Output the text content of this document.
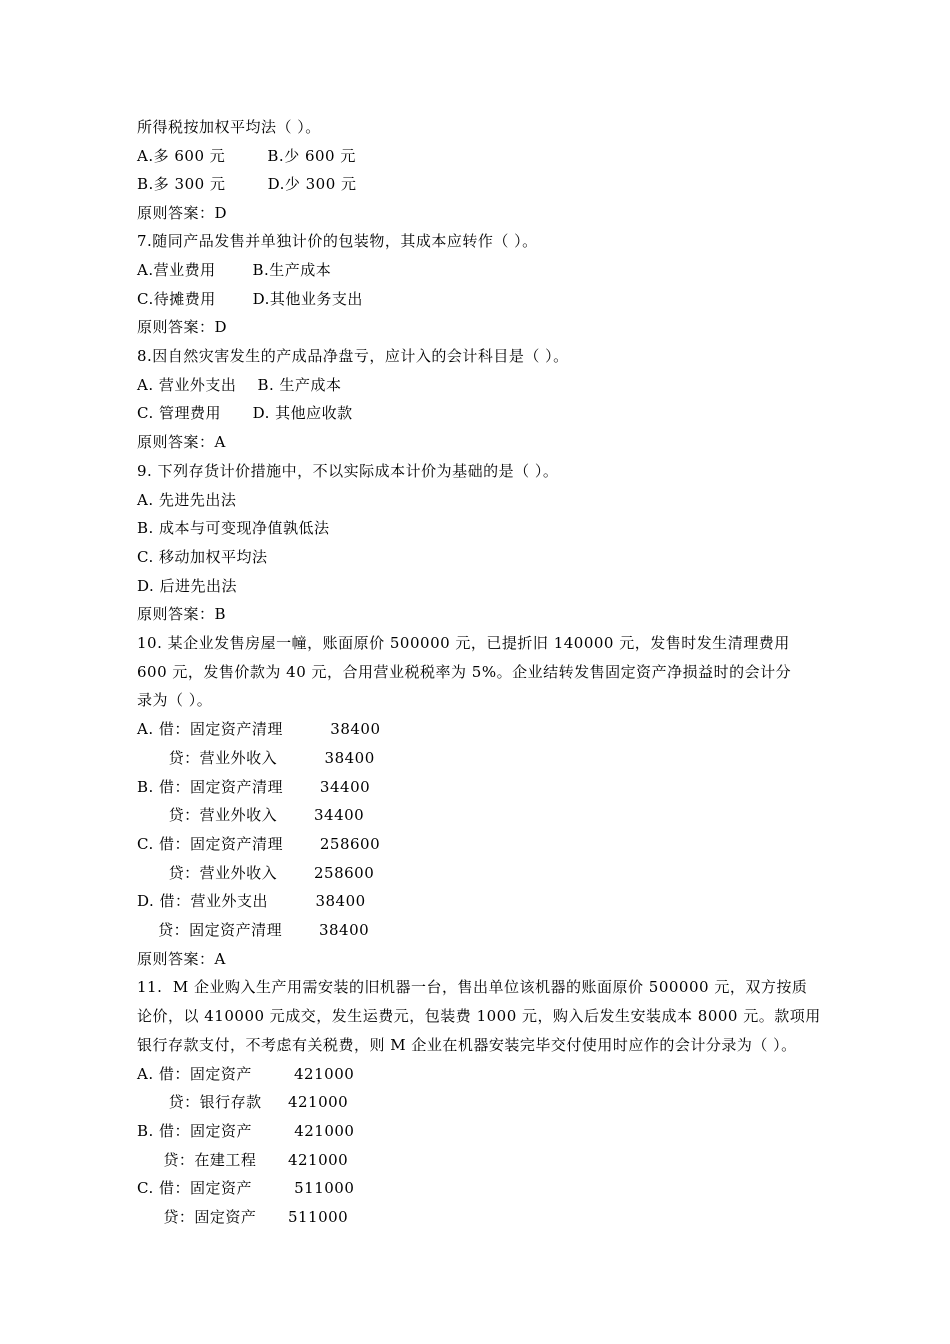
所得税按加权平均法（ ）。

A.多 600 元        B.少 600 元

B.多 300 元        D.少 300 元

原则答案：D

7.随同产品发售并单独计价的包装物，其成本应转作（ ）。

A.营业费用       B.生产成本

C.待摊费用       D.其他业务支出

原则答案：D

8.因自然灾害发生的产成品净盘亏，应计入的会计科目是（ ）。

A. 营业外支出    B. 生产成本

C. 管理费用      D. 其他应收款

原则答案：A

9. 下列存货计价措施中，不以实际成本计价为基础的是（ ）。

A. 先进先出法

B. 成本与可变现净值孰低法

C. 移动加权平均法

D. 后进先出法

原则答案：B

10. 某企业发售房屋一幢，账面原价 500000 元，已提折旧 140000 元，发售时发生清理费用

600 元，发售价款为 40 元，合用营业税税率为 5%。企业结转发售固定资产净损益时的会计分

录为（ ）。

A. 借：固定资产清理         38400

贷：营业外收入         38400

B. 借：固定资产清理       34400

贷：营业外收入       34400

C. 借：固定资产清理       258600

贷：营业外收入       258600

D. 借：营业外支出         38400

贷：固定资产清理       38400

原则答案：A

11.  M 企业购入生产用需安装的旧机器一台，售出单位该机器的账面原价 500000 元，双方按质

论价，以 410000 元成交，发生运费元，包装费 1000 元，购入后发生安装成本 8000 元。款项用

银行存款支付，不考虑有关税费，则 M 企业在机器安装完毕交付使用时应作的会计分录为（ ）。

A. 借：固定资产        421000

贷：银行存款     421000

B. 借：固定资产        421000

贷：在建工程      421000

C. 借：固定资产        511000

贷：固定资产      511000
